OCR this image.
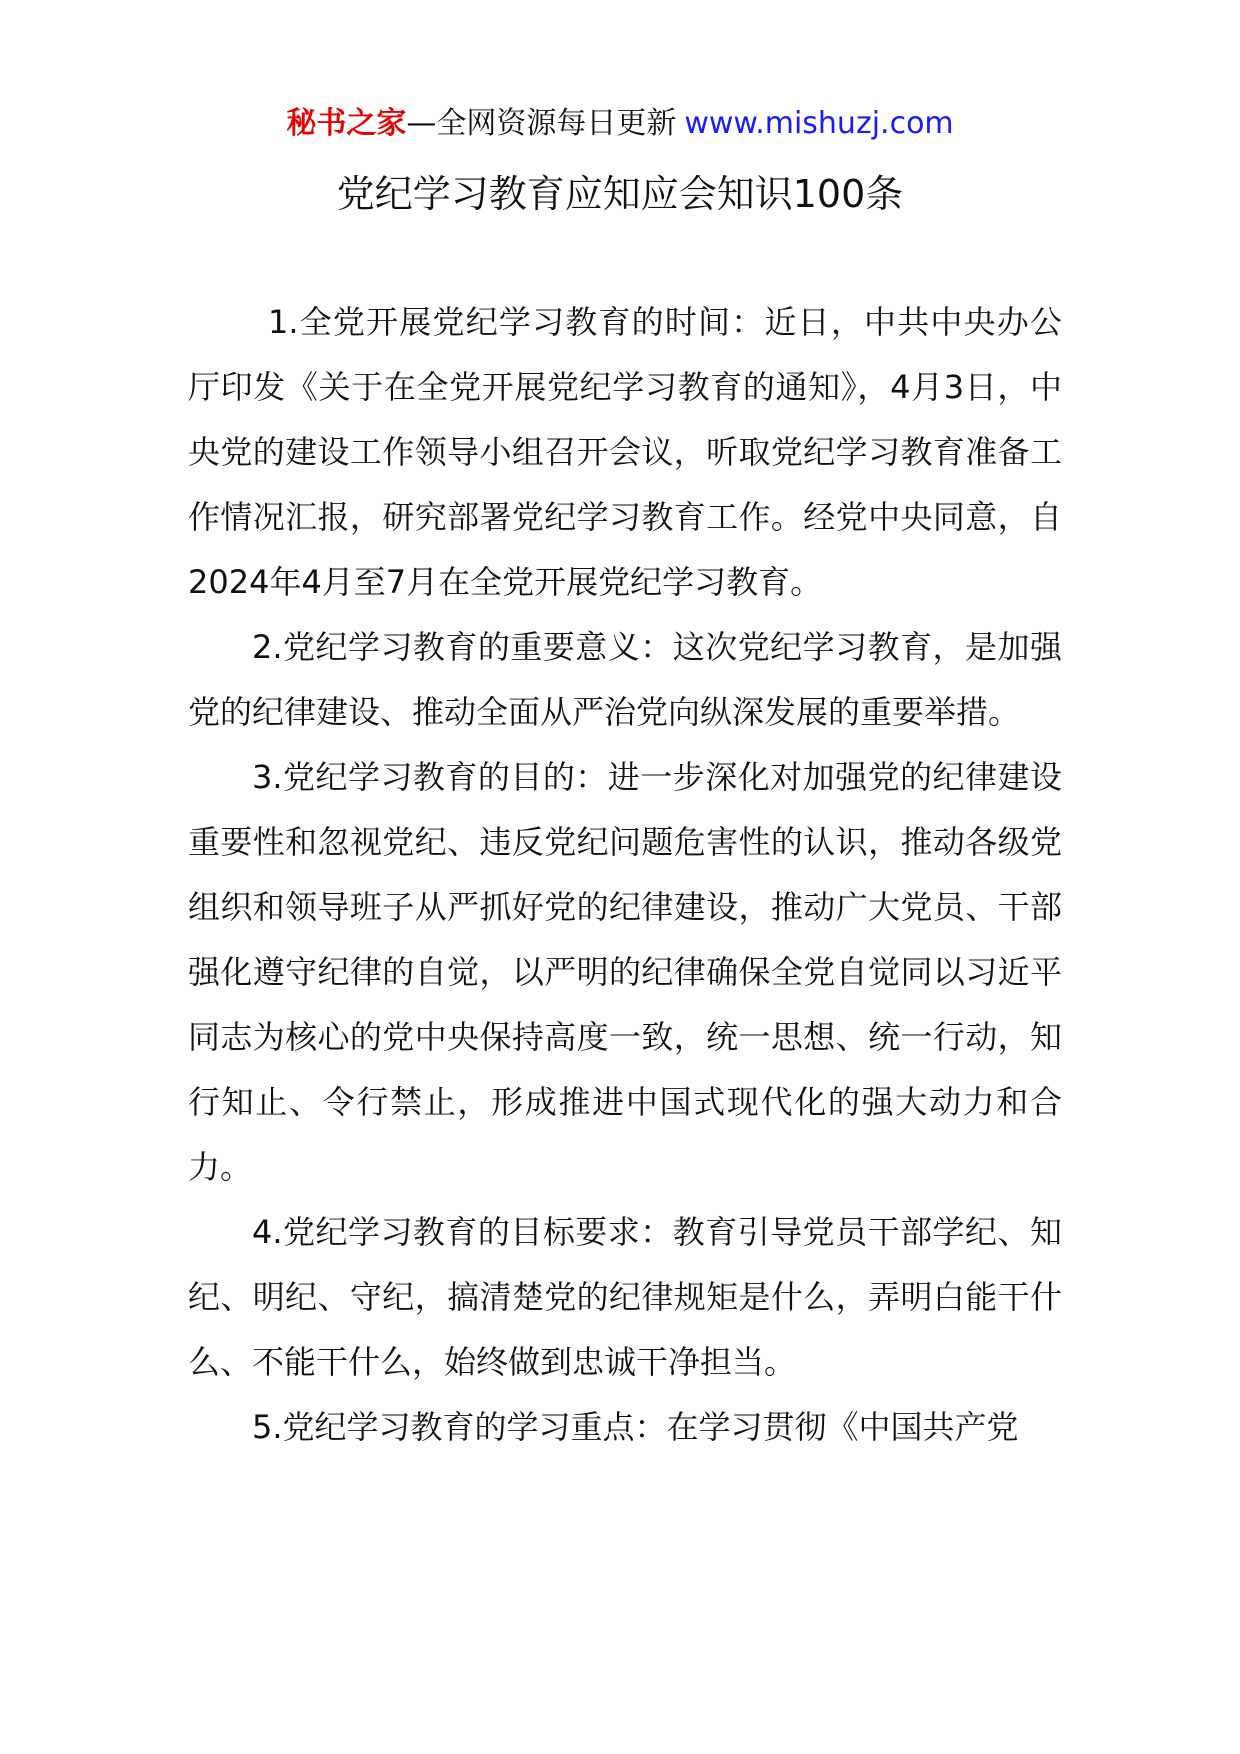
秘书之家—全网资源每日更新 www.mishuzj.com
党纪学习教育应知应会知识100条

1.全党开展党纪学习教育的时间：近日，中共中央办公厅印发《关于在全党开展党纪学习教育的通知》，4月3日，中央党的建设工作领导小组召开会议，听取党纪学习教育准备工作情况汇报，研究部署党纪学习教育工作。经党中央同意，自2024年4月至7月在全党开展党纪学习教育。

2.党纪学习教育的重要意义：这次党纪学习教育，是加强党的纪律建设、推动全面从严治党向纵深发展的重要举措。

3.党纪学习教育的目的：进一步深化对加强党的纪律建设重要性和忽视党纪、违反党纪问题危害性的认识，推动各级党组织和领导班子从严抓好党的纪律建设，推动广大党员、干部强化遵守纪律的自觉，以严明的纪律确保全党自觉同以习近平同志为核心的党中央保持高度一致，统一思想、统一行动，知行知止、令行禁止，形成推进中国式现代化的强大动力和合力。

4.党纪学习教育的目标要求：教育引导党员干部学纪、知纪、明纪、守纪，搞清楚党的纪律规矩是什么，弄明白能干什么、不能干什么，始终做到忠诚干净担当。

5.党纪学习教育的学习重点：在学习贯彻《中国共产党
